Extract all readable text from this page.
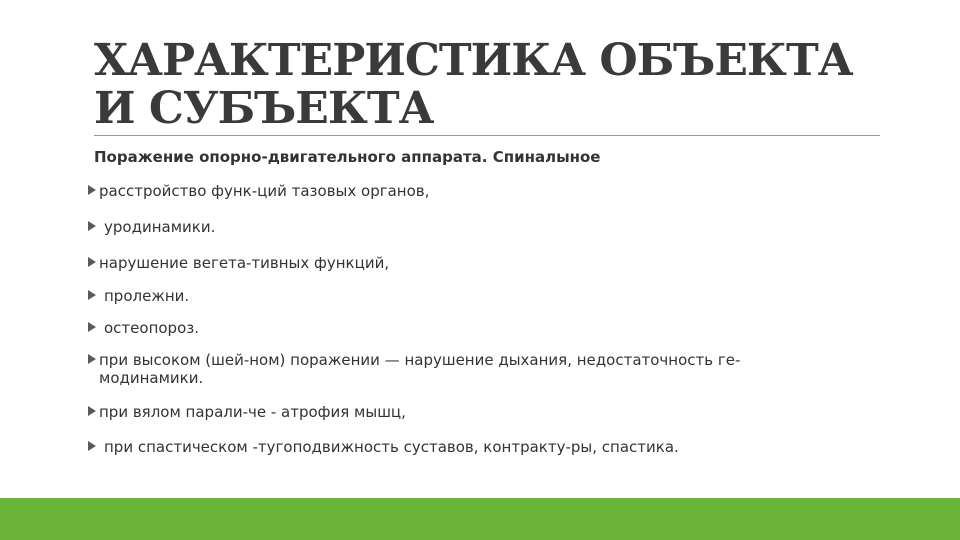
ХАРАКТЕРИСТИКА ОБЪЕКТА
И СУБЪЕКТА
Поражение опорно-двигательного аппарата. Спиналыное
расстройство функ-ций тазовых органов,
уродинамики.
нарушение вегета-тивных функций,
пролежни.
остеопороз.
при высоком (шей-ном) поражении — нарушение дыхания, недостаточность ге-модинамики.
при вялом парали-че - атрофия мышц,
при спастическом -тугоподвижность суставов, контракту-ры, спастика.
